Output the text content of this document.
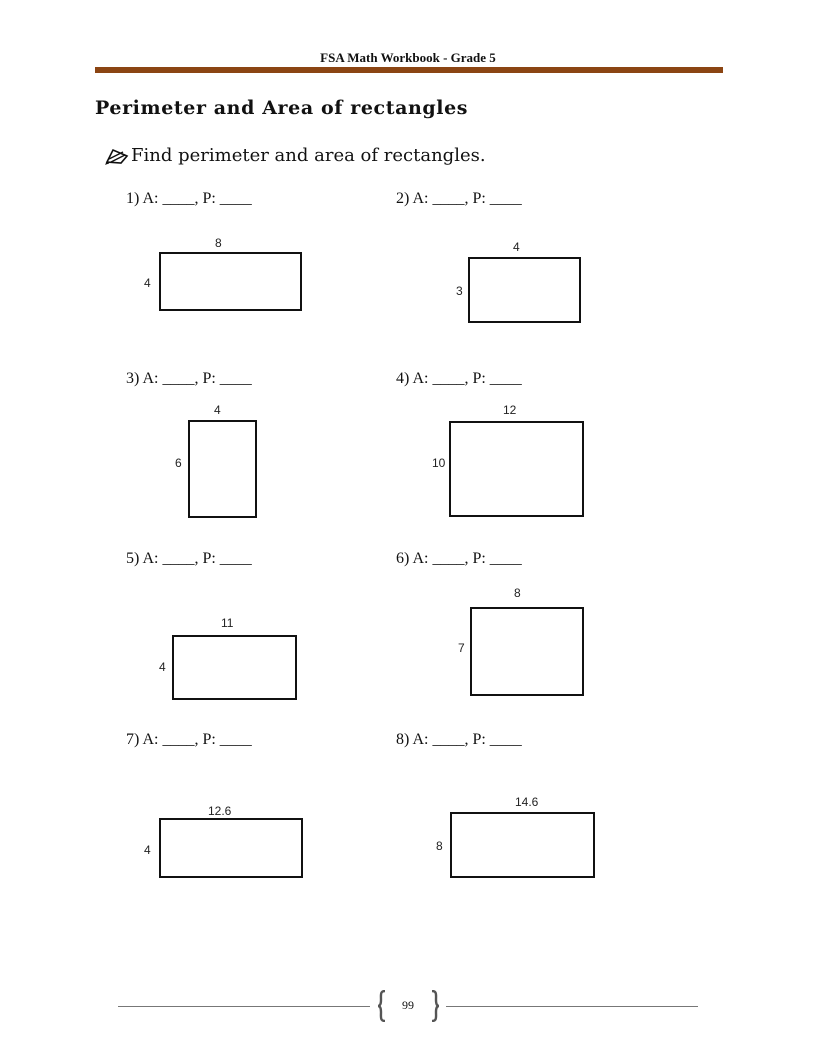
FSA Math Workbook - Grade 5
Perimeter and Area of rectangles
Find perimeter and area of rectangles.
1) A: ____, P: ____
8
4
2) A: ____, P: ____
4
3
3) A: ____, P: ____
4
6
4) A: ____, P: ____
12
10
5) A: ____, P: ____
11
4
6) A: ____, P: ____
8
7
7) A: ____, P: ____
12.6
4
8) A: ____, P: ____
14.6
8
99
